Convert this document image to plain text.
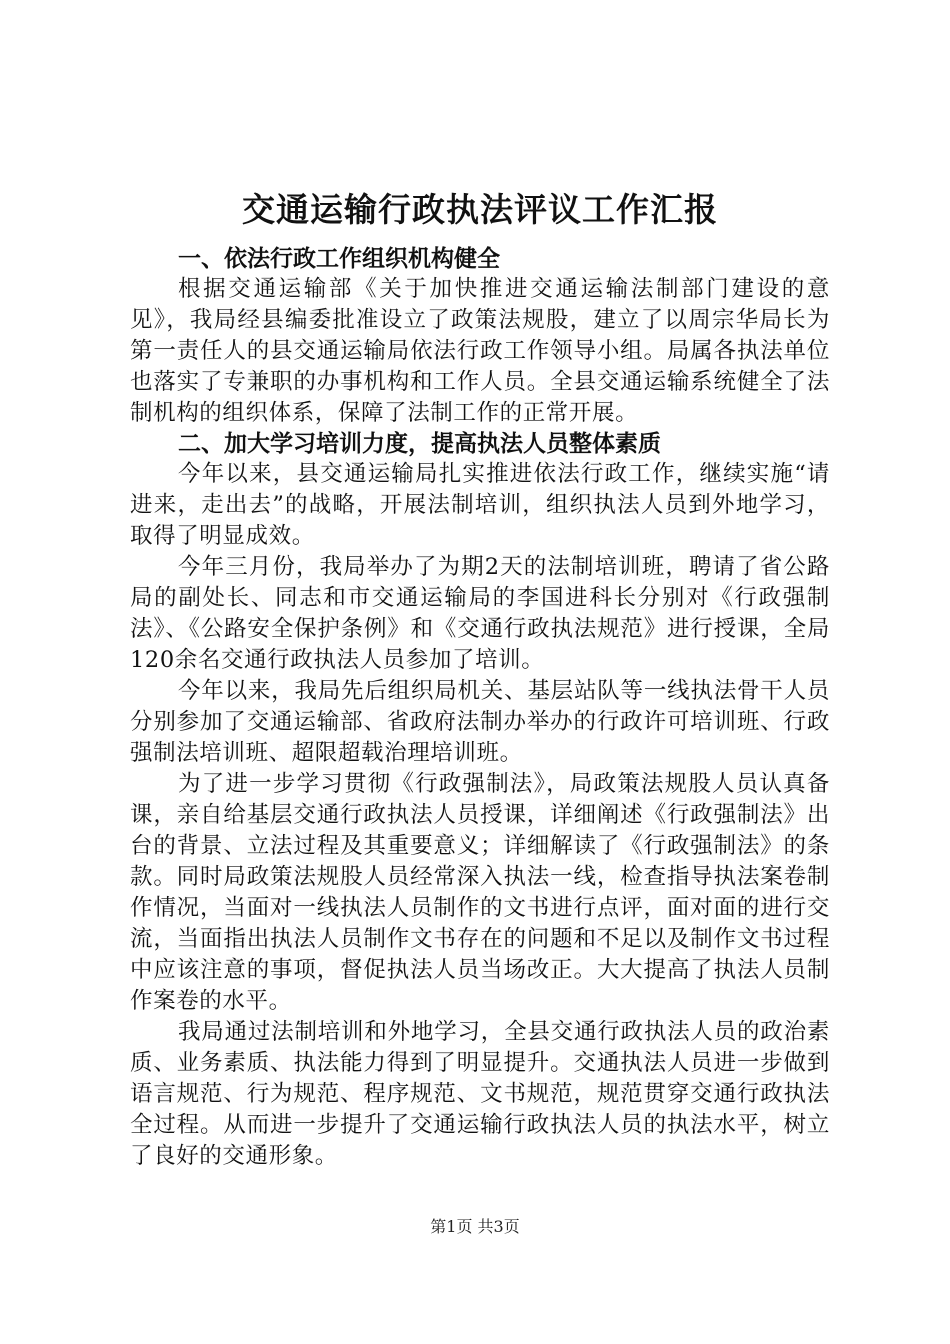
交通运输行政执法评议工作汇报
一、依法行政工作组织机构健全

根据交通运输部《关于加快推进交通运输法制部门建设的意见》，我局经县编委批准设立了政策法规股，建立了以周宗华局长为第一责任人的县交通运输局依法行政工作领导小组。局属各执法单位也落实了专兼职的办事机构和工作人员。全县交通运输系统健全了法制机构的组织体系，保障了法制工作的正常开展。

二、加大学习培训力度，提高执法人员整体素质

今年以来，县交通运输局扎实推进依法行政工作，继续实施“请进来，走出去”的战略，开展法制培训，组织执法人员到外地学习，取得了明显成效。

今年三月份，我局举办了为期2天的法制培训班，聘请了省公路局的副处长、同志和市交通运输局的李国进科长分别对《行政强制法》、《公路安全保护条例》和《交通行政执法规范》进行授课，全局120余名交通行政执法人员参加了培训。

今年以来，我局先后组织局机关、基层站队等一线执法骨干人员分别参加了交通运输部、省政府法制办举办的行政许可培训班、行政强制法培训班、超限超载治理培训班。

为了进一步学习贯彻《行政强制法》，局政策法规股人员认真备课，亲自给基层交通行政执法人员授课，详细阐述《行政强制法》出台的背景、立法过程及其重要意义；详细解读了《行政强制法》的条款。同时局政策法规股人员经常深入执法一线，检查指导执法案卷制作情况，当面对一线执法人员制作的文书进行点评，面对面的进行交流，当面指出执法人员制作文书存在的问题和不足以及制作文书过程中应该注意的事项，督促执法人员当场改正。大大提高了执法人员制作案卷的水平。

我局通过法制培训和外地学习，全县交通行政执法人员的政治素质、业务素质、执法能力得到了明显提升。交通执法人员进一步做到语言规范、行为规范、程序规范、文书规范，规范贯穿交通行政执法全过程。从而进一步提升了交通运输行政执法人员的执法水平，树立了良好的交通形象。

第1页 共3页
